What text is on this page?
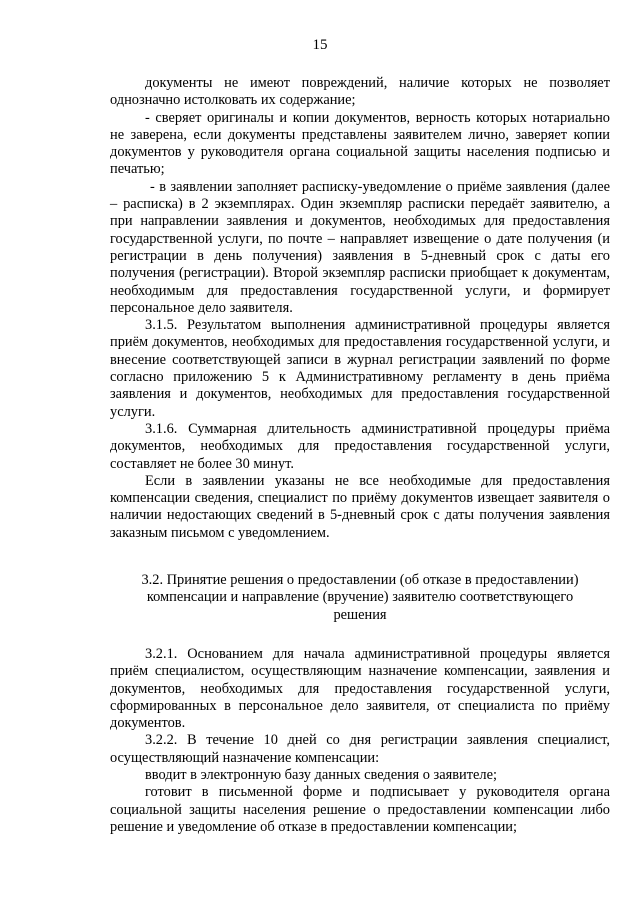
15

документы не имеют повреждений, наличие которых не позволяет однозначно истолковать их содержание;

- сверяет оригиналы и копии документов, верность которых нотариально не заверена, если документы представлены заявителем лично, заверяет копии документов у руководителя органа социальной защиты населения подписью и печатью;

- в заявлении заполняет расписку-уведомление о приёме заявления (далее – расписка) в 2 экземплярах. Один экземпляр расписки передаёт заявителю, а при направлении заявления и документов, необходимых для предоставления государственной услуги, по почте – направляет извещение о дате получения (и регистрации в день получения) заявления в 5-дневный срок с даты его получения (регистрации). Второй экземпляр расписки приобщает к документам, необходимым для предоставления государственной услуги, и формирует персональное дело заявителя.

3.1.5. Результатом выполнения административной процедуры является приём документов, необходимых для предоставления государственной услуги, и внесение соответствующей записи в журнал регистрации заявлений по форме согласно приложению 5 к Административному регламенту в день приёма заявления и документов, необходимых для предоставления государственной услуги.

3.1.6. Суммарная длительность административной процедуры приёма документов, необходимых для предоставления государственной услуги, составляет не более 30 минут.

Если в заявлении указаны не все необходимые для предоставления компенсации сведения, специалист по приёму документов извещает заявителя о наличии недостающих сведений в 5-дневный срок с даты получения заявления заказным письмом с уведомлением.

3.2. Принятие решения о предоставлении (об отказе в предоставлении) компенсации и направление (вручение) заявителю соответствующего решения

3.2.1. Основанием для начала административной процедуры является приём специалистом, осуществляющим назначение компенсации, заявления и документов, необходимых для предоставления государственной услуги, сформированных в персональное дело заявителя, от специалиста по приёму документов.

3.2.2. В течение 10 дней со дня регистрации заявления специалист, осуществляющий назначение компенсации:

вводит в электронную базу данных сведения о заявителе;

готовит в письменной форме и подписывает у руководителя органа социальной защиты населения решение о предоставлении компенсации либо решение и уведомление об отказе в предоставлении компенсации;
